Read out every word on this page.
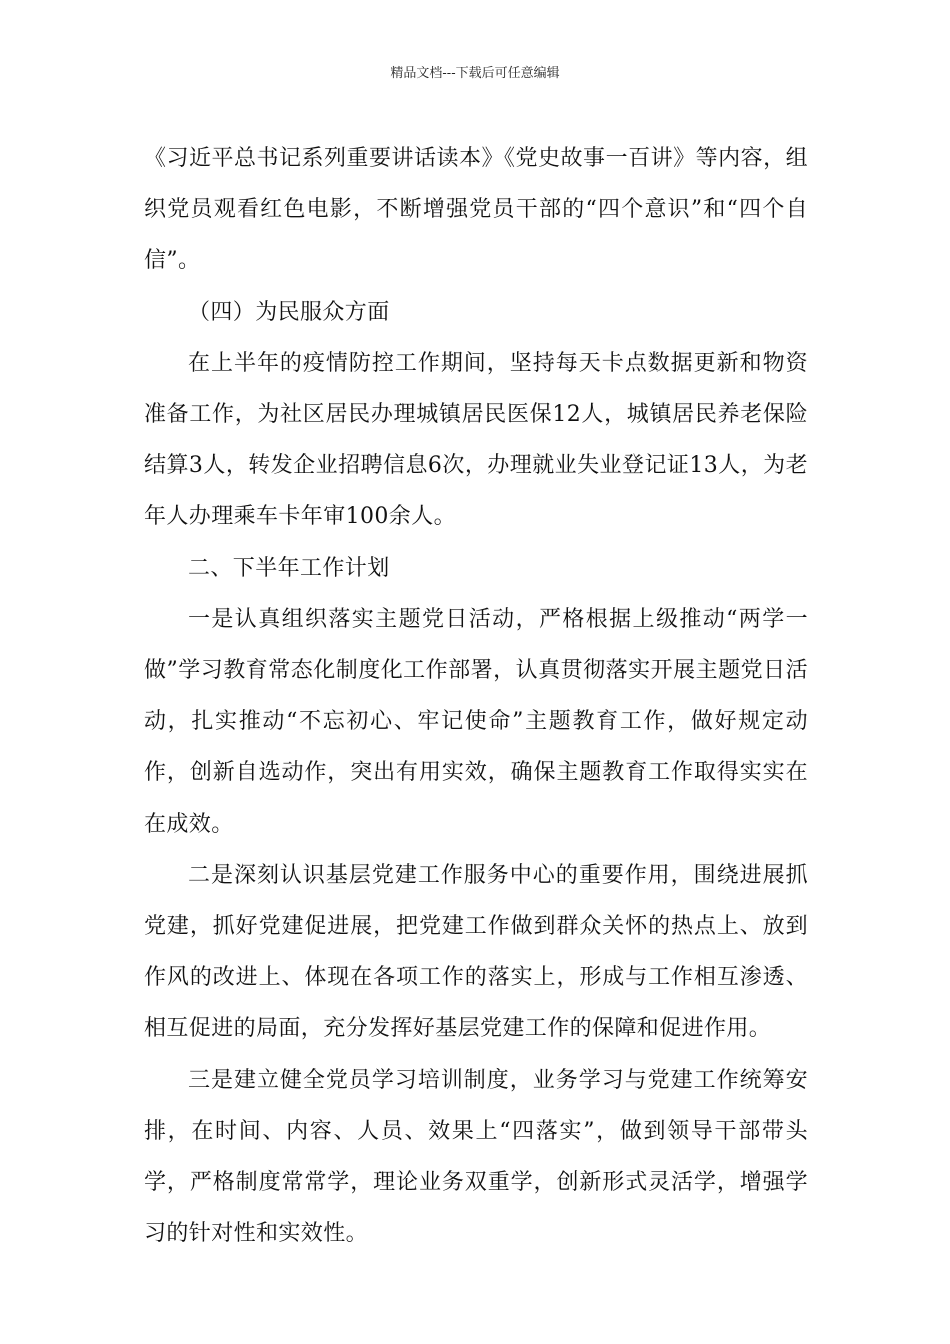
精品文档---下载后可任意编辑

《习近平总书记系列重要讲话读本》《党史故事一百讲》等内容，组织党员观看红色电影，不断增强党员干部的“四个意识”和“四个自信”。

（四）为民服众方面

在上半年的疫情防控工作期间，坚持每天卡点数据更新和物资准备工作，为社区居民办理城镇居民医保12人，城镇居民养老保险结算3人，转发企业招聘信息6次，办理就业失业登记证13人，为老年人办理乘车卡年审100余人。

二、下半年工作计划

一是认真组织落实主题党日活动，严格根据上级推动“两学一做”学习教育常态化制度化工作部署，认真贯彻落实开展主题党日活动，扎实推动“不忘初心、牢记使命”主题教育工作，做好规定动作，创新自选动作，突出有用实效，确保主题教育工作取得实实在在成效。

二是深刻认识基层党建工作服务中心的重要作用，围绕进展抓党建，抓好党建促进展，把党建工作做到群众关怀的热点上、放到作风的改进上、体现在各项工作的落实上，形成与工作相互渗透、相互促进的局面，充分发挥好基层党建工作的保障和促进作用。

三是建立健全党员学习培训制度，业务学习与党建工作统筹安排，在时间、内容、人员、效果上“四落实”，做到领导干部带头学，严格制度常常学，理论业务双重学，创新形式灵活学，增强学习的针对性和实效性。
